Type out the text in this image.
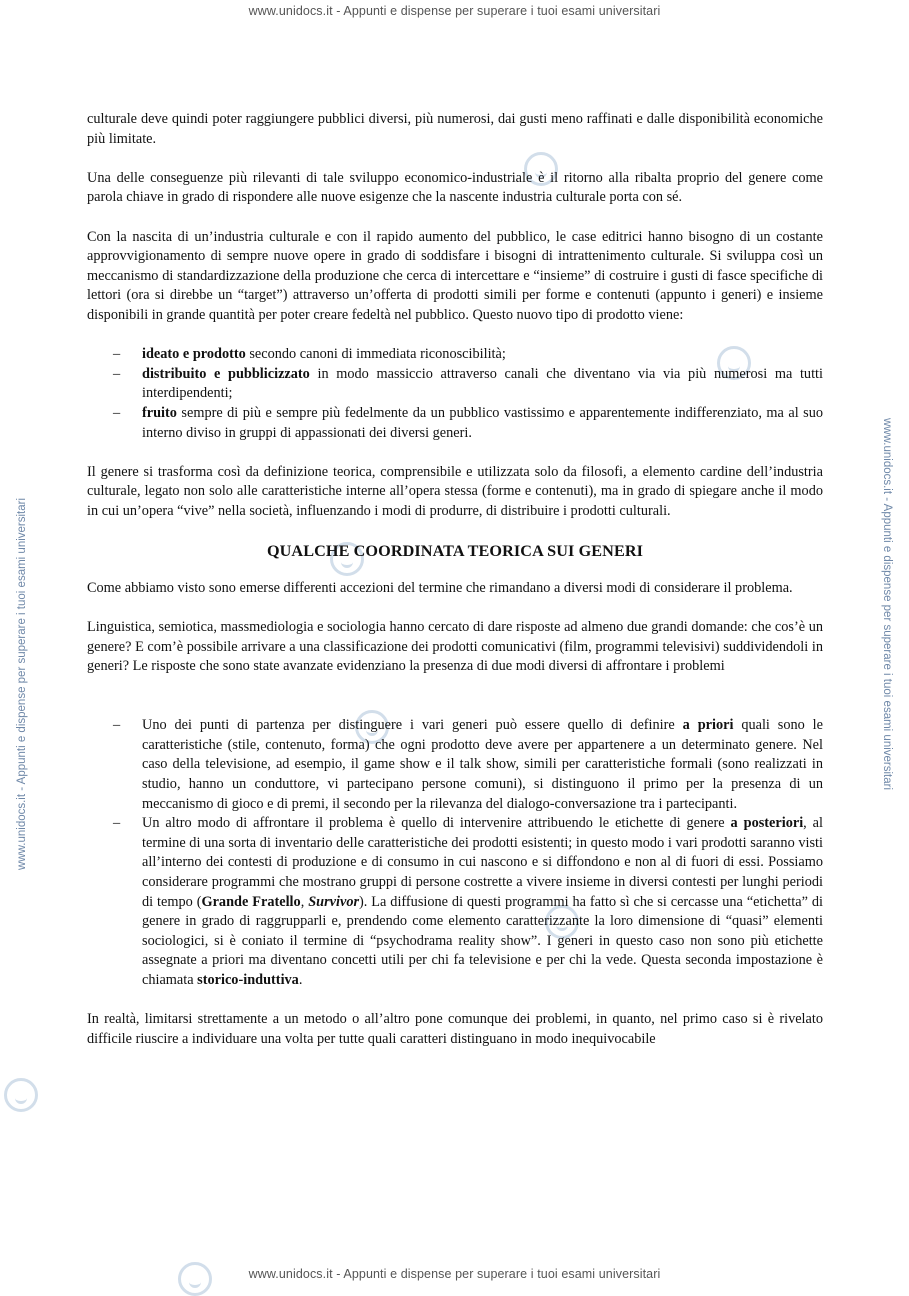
www.unidocs.it - Appunti e dispense per superare i tuoi esami universitari
www.unidocs.it - Appunti e dispense per superare i tuoi esami universitari	www.unidocs.it - Appunti e dispense per superare i tuoi esami universitari

culturale deve quindi poter raggiungere pubblici diversi, più numerosi, dai gusti meno raffinati e dalle disponibilità economiche più limitate.

Una delle conseguenze più rilevanti di tale sviluppo economico-industriale è il ritorno alla ribalta proprio del genere come parola chiave in grado di rispondere alle nuove esigenze che la nascente industria culturale porta con sé.

Con la nascita di un’industria culturale e con il rapido aumento del pubblico, le case editrici hanno bisogno di un costante approvvigionamento di sempre nuove opere in grado di soddisfare i bisogni di intrattenimento culturale. Si sviluppa così un meccanismo di standardizzazione della produzione che cerca di intercettare e “insieme” di costruire i gusti di fasce specifiche di lettori (ora si direbbe un “target”) attraverso un’offerta di prodotti simili per forme e contenuti (appunto i generi) e insieme disponibili in grande quantità per poter creare fedeltà nel pubblico. Questo nuovo tipo di prodotto viene:

– ideato e prodotto secondo canoni di immediata riconoscibilità;
– distribuito e pubblicizzato in modo massiccio attraverso canali che diventano via via più numerosi ma tutti interdipendenti;
– fruito sempre di più e sempre più fedelmente da un pubblico vastissimo e apparentemente indifferenziato, ma al suo interno diviso in gruppi di appassionati dei diversi generi.

Il genere si trasforma così da definizione teorica, comprensibile e utilizzata solo da filosofi, a elemento cardine dell’industria culturale, legato non solo alle caratteristiche interne all’opera stessa (forme e contenuti), ma in grado di spiegare anche il modo in cui un’opera “vive” nella società, influenzando i modi di produrre, di distribuire i prodotti culturali.

QUALCHE COORDINATA TEORICA SUI GENERI

Come abbiamo visto sono emerse differenti accezioni del termine che rimandano a diversi modi di considerare il problema.

Linguistica, semiotica, massmediologia e sociologia hanno cercato di dare risposte ad almeno due grandi domande: che cos’è un genere? E com’è possibile arrivare a una classificazione dei prodotti comunicativi (film, programmi televisivi) suddividendoli in generi? Le risposte che sono state avanzate evidenziano la presenza di due modi diversi di affrontare i problemi

– Uno dei punti di partenza per distinguere i vari generi può essere quello di definire a priori quali sono le caratteristiche (stile, contenuto, forma) che ogni prodotto deve avere per appartenere a un determinato genere. Nel caso della televisione, ad esempio, il game show e il talk show, simili per caratteristiche formali (sono realizzati in studio, hanno un conduttore, vi partecipano persone comuni), si distinguono il primo per la presenza di un meccanismo di gioco e di premi, il secondo per la rilevanza del dialogo-conversazione tra i partecipanti.
– Un altro modo di affrontare il problema è quello di intervenire attribuendo le etichette di genere a posteriori, al termine di una sorta di inventario delle caratteristiche dei prodotti esistenti; in questo modo i vari prodotti saranno visti all’interno dei contesti di produzione e di consumo in cui nascono e si diffondono e non al di fuori di essi. Possiamo considerare programmi che mostrano gruppi di persone costrette a vivere insieme in diversi contesti per lunghi periodi di tempo (Grande Fratello, Survivor). La diffusione di questi programmi ha fatto sì che si cercasse una “etichetta” di genere in grado di raggrupparli e, prendendo come elemento caratterizzante la loro dimensione di “quasi” elementi sociologici, si è coniato il termine di “psychodrama reality show”. I generi in questo caso non sono più etichette assegnate a priori ma diventano concetti utili per chi fa televisione e per chi la vede. Questa seconda impostazione è chiamata storico-induttiva.

In realtà, limitarsi strettamente a un metodo o all’altro pone comunque dei problemi, in quanto, nel primo caso si è rivelato difficile riuscire a individuare una volta per tutte quali caratteri distinguano in modo inequivocabile

www.unidocs.it - Appunti e dispense per superare i tuoi esami universitari
